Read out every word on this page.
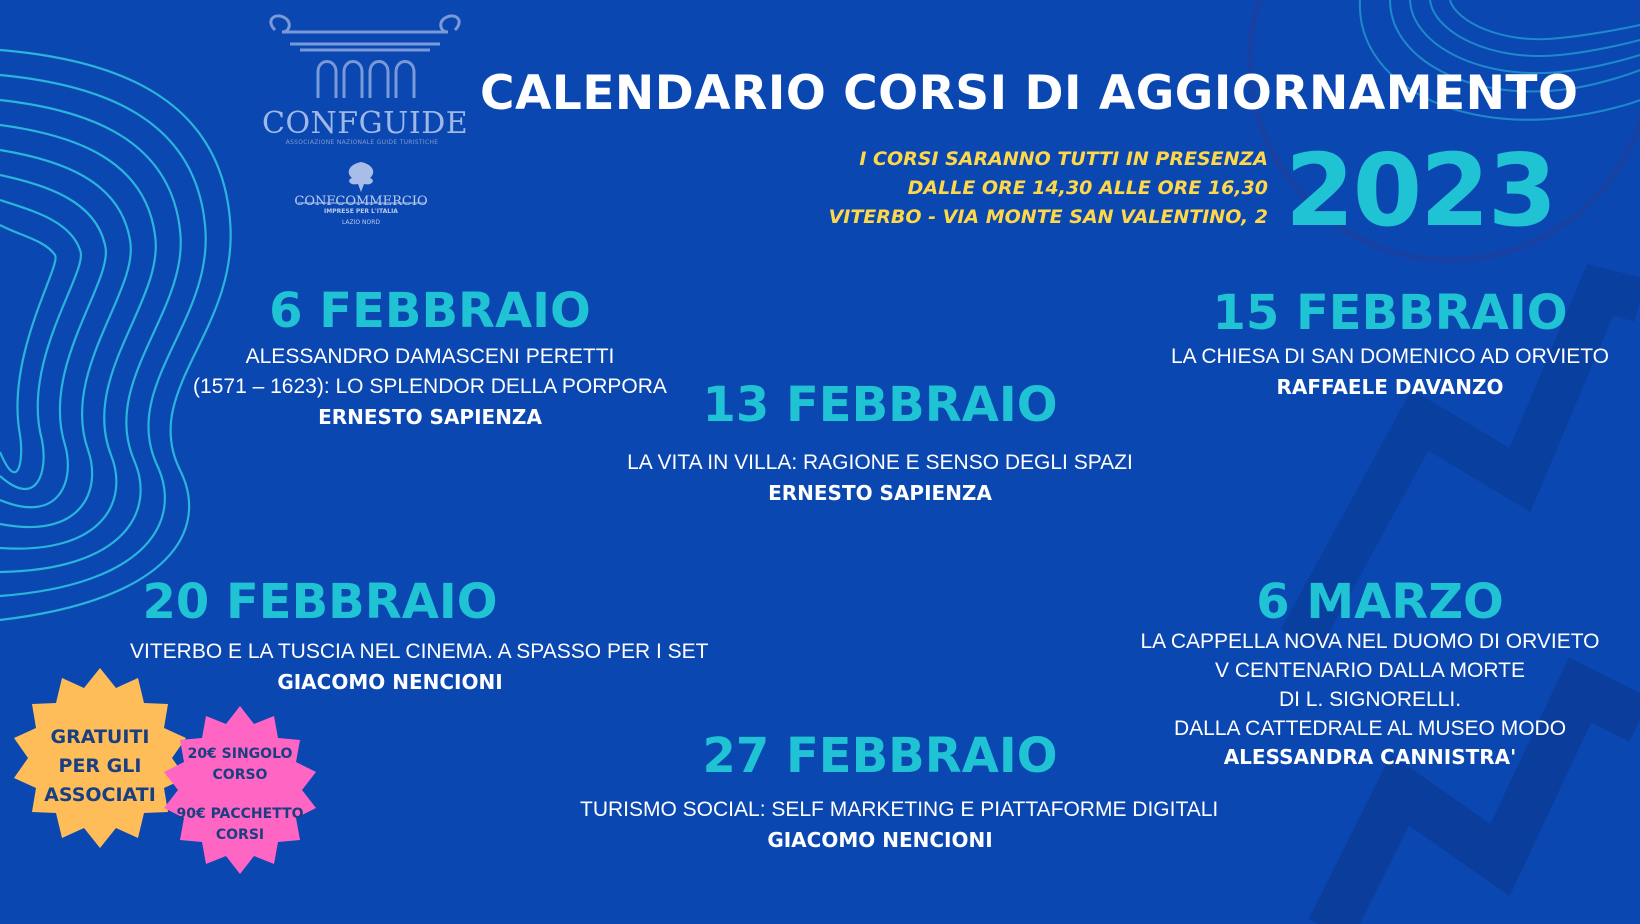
CONFGUIDE
ASSOCIAZIONE NAZIONALE GUIDE TURISTICHE
CONFCOMMERCIO
IMPRESE PER L'ITALIA
LAZIO NORD
CALENDARIO CORSI DI AGGIORNAMENTO
I CORSI SARANNO TUTTI IN PRESENZA
DALLE ORE 14,30 ALLE ORE 16,30
VITERBO - VIA MONTE SAN VALENTINO, 2 2023
6 FEBBRAIO
ALESSANDRO DAMASCENI PERETTI
(1571 – 1623): LO SPLENDOR DELLA PORPORA
ERNESTO SAPIENZA	13 FEBBRAIO
LA VITA IN VILLA: RAGIONE E SENSO DEGLI SPAZI
ERNESTO SAPIENZA
15 FEBBRAIO
LA CHIESA DI SAN DOMENICO AD ORVIETO
RAFFAELE DAVANZO
20 FEBBRAIO
VITERBO E LA TUSCIA NEL CINEMA. A SPASSO PER I SET
GIACOMO NENCIONI
27 FEBBRAIO
TURISMO SOCIAL: SELF MARKETING E PIATTAFORME DIGITALI
GIACOMO NENCIONI
6 MARZO
LA CAPPELLA NOVA NEL DUOMO DI ORVIETO
V CENTENARIO DALLA MORTE
DI L. SIGNORELLI.
DALLA CATTEDRALE AL MUSEO MODO
ALESSANDRA CANNISTRA'
GRATUITI
PER GLI
ASSOCIATI
20€ SINGOLO
CORSO
90€ PACCHETTO
CORSI
